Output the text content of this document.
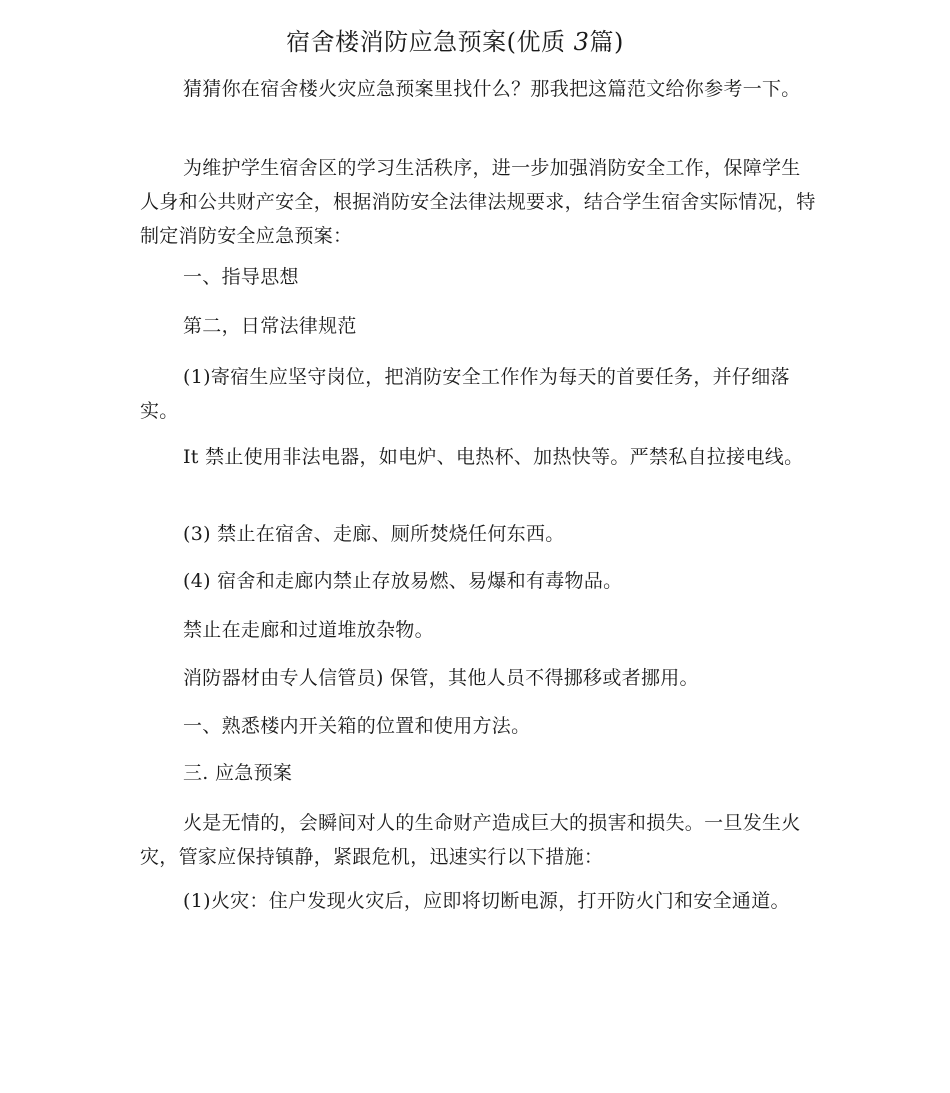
宿舍楼消防应急预案(优质 3篇)

猜猜你在宿舍楼火灾应急预案里找什么？那我把这篇范文给你参考一下。

为维护学生宿舍区的学习生活秩序，进一步加强消防安全工作，保障学生人身和公共财产安全，根据消防安全法律法规要求，结合学生宿舍实际情况，特制定消防安全应急预案：

一、指导思想

第二，日常法律规范

(1)寄宿生应坚守岗位，把消防安全工作作为每天的首要任务，并仔细落实。

It 禁止使用非法电器，如电炉、电热杯、加热快等。严禁私自拉接电线。

(3) 禁止在宿舍、走廊、厕所焚烧任何东西。

(4) 宿舍和走廊内禁止存放易燃、易爆和有毒物品。

禁止在走廊和过道堆放杂物。

消防器材由专人信管员) 保管，其他人员不得挪移或者挪用。

一、熟悉楼内开关箱的位置和使用方法。

三. 应急预案

火是无情的，会瞬间对人的生命财产造成巨大的损害和损失。一旦发生火灾，管家应保持镇静，紧跟危机，迅速实行以下措施：

(1)火灾：住户发现火灾后，应即将切断电源，打开防火门和安全通道。
